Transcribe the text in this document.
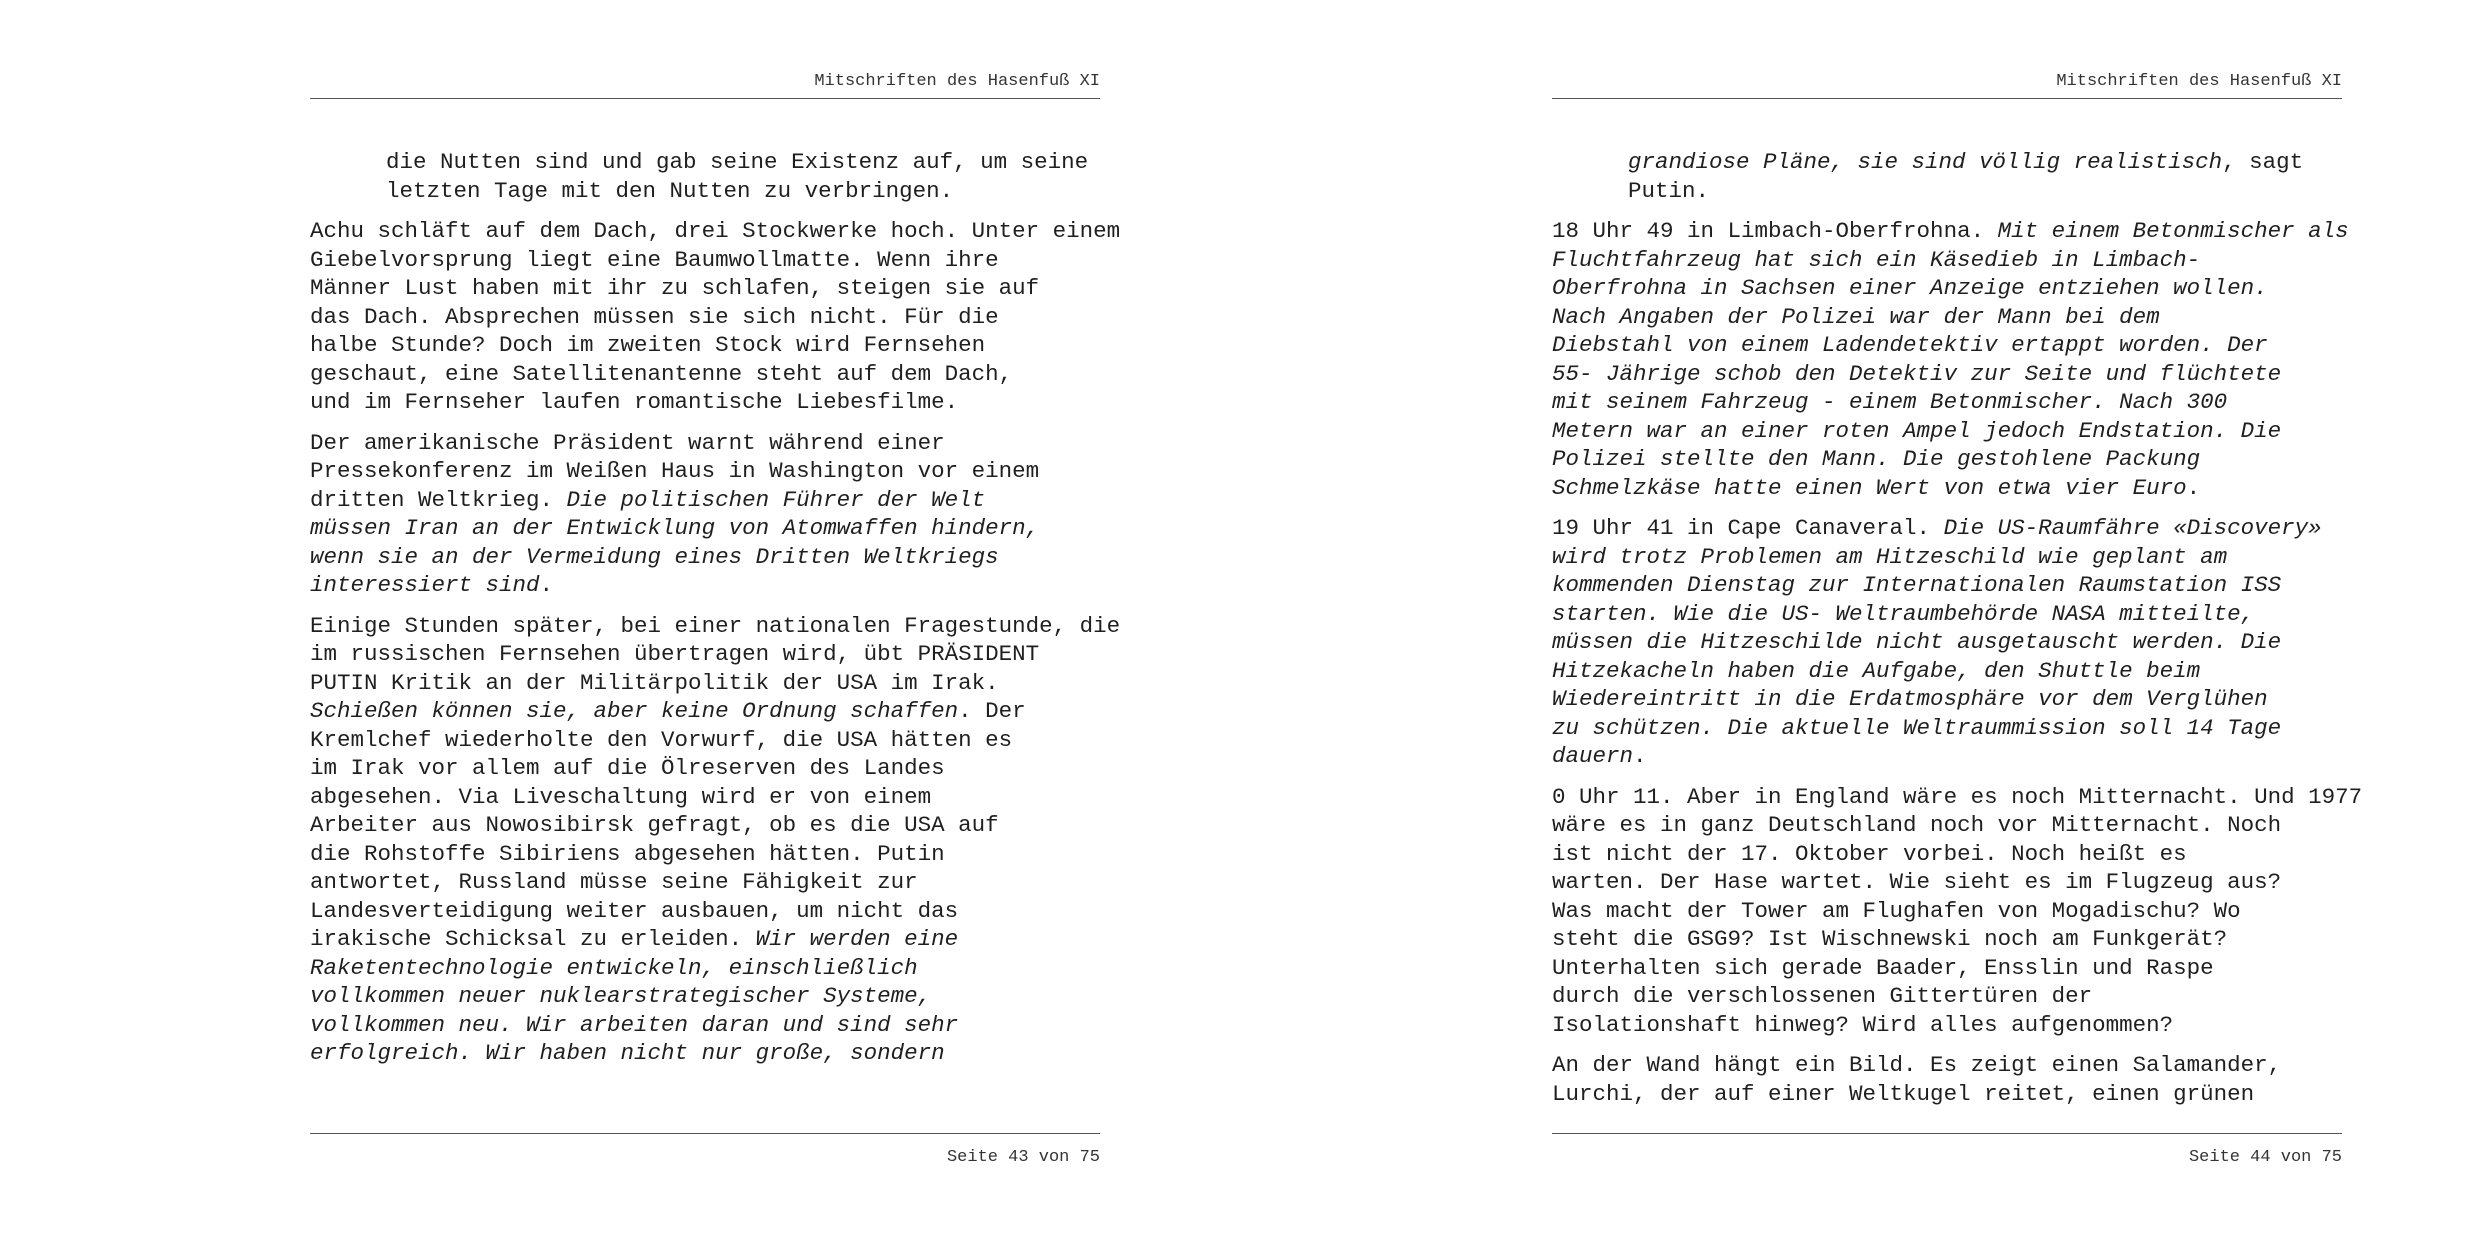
Mitschriften des Hasenfuß XI
die Nutten sind und gab seine Existenz auf, um seine
letzten Tage mit den Nutten zu verbringen.
Achu schläft auf dem Dach, drei Stockwerke hoch. Unter einem
Giebelvorsprung liegt eine Baumwollmatte. Wenn ihre
Männer Lust haben mit ihr zu schlafen, steigen sie auf
das Dach. Absprechen müssen sie sich nicht. Für die
halbe Stunde? Doch im zweiten Stock wird Fernsehen
geschaut, eine Satellitenantenne steht auf dem Dach,
und im Fernseher laufen romantische Liebesfilme.
Der amerikanische Präsident warnt während einer
Pressekonferenz im Weißen Haus in Washington vor einem
dritten Weltkrieg. Die politischen Führer der Welt
müssen Iran an der Entwicklung von Atomwaffen hindern,
wenn sie an der Vermeidung eines Dritten Weltkriegs
interessiert sind.
Einige Stunden später, bei einer nationalen Fragestunde, die
im russischen Fernsehen übertragen wird, übt PRÄSIDENT
PUTIN Kritik an der Militärpolitik der USA im Irak.
Schießen können sie, aber keine Ordnung schaffen. Der
Kremlchef wiederholte den Vorwurf, die USA hätten es
im Irak vor allem auf die Ölreserven des Landes
abgesehen. Via Liveschaltung wird er von einem
Arbeiter aus Nowosibirsk gefragt, ob es die USA auf
die Rohstoffe Sibiriens abgesehen hätten. Putin
antwortet, Russland müsse seine Fähigkeit zur
Landesverteidigung weiter ausbauen, um nicht das
irakische Schicksal zu erleiden. Wir werden eine
Raketentechnologie entwickeln, einschließlich
vollkommen neuer nuklearstrategischer Systeme,
vollkommen neu. Wir arbeiten daran und sind sehr
erfolgreich. Wir haben nicht nur große, sondern
Seite 43 von 75
Mitschriften des Hasenfuß XI
grandiose Pläne, sie sind völlig realistisch, sagt
Putin.
18 Uhr 49 in Limbach-Oberfrohna. Mit einem Betonmischer als
Fluchtfahrzeug hat sich ein Käsedieb in Limbach-
Oberfrohna in Sachsen einer Anzeige entziehen wollen.
Nach Angaben der Polizei war der Mann bei dem
Diebstahl von einem Ladendetektiv ertappt worden. Der
55- Jährige schob den Detektiv zur Seite und flüchtete
mit seinem Fahrzeug - einem Betonmischer. Nach 300
Metern war an einer roten Ampel jedoch Endstation. Die
Polizei stellte den Mann. Die gestohlene Packung
Schmelzkäse hatte einen Wert von etwa vier Euro.
19 Uhr 41 in Cape Canaveral. Die US-Raumfähre «Discovery»
wird trotz Problemen am Hitzeschild wie geplant am
kommenden Dienstag zur Internationalen Raumstation ISS
starten. Wie die US- Weltraumbehörde NASA mitteilte,
müssen die Hitzeschilde nicht ausgetauscht werden. Die
Hitzekacheln haben die Aufgabe, den Shuttle beim
Wiedereintritt in die Erdatmosphäre vor dem Verglühen
zu schützen. Die aktuelle Weltraummission soll 14 Tage
dauern.
0 Uhr 11. Aber in England wäre es noch Mitternacht. Und 1977
wäre es in ganz Deutschland noch vor Mitternacht. Noch
ist nicht der 17. Oktober vorbei. Noch heißt es
warten. Der Hase wartet. Wie sieht es im Flugzeug aus?
Was macht der Tower am Flughafen von Mogadischu? Wo
steht die GSG9? Ist Wischnewski noch am Funkgerät?
Unterhalten sich gerade Baader, Ensslin und Raspe
durch die verschlossenen Gittertüren der
Isolationshaft hinweg? Wird alles aufgenommen?
An der Wand hängt ein Bild. Es zeigt einen Salamander,
Lurchi, der auf einer Weltkugel reitet, einen grünen
Seite 44 von 75
